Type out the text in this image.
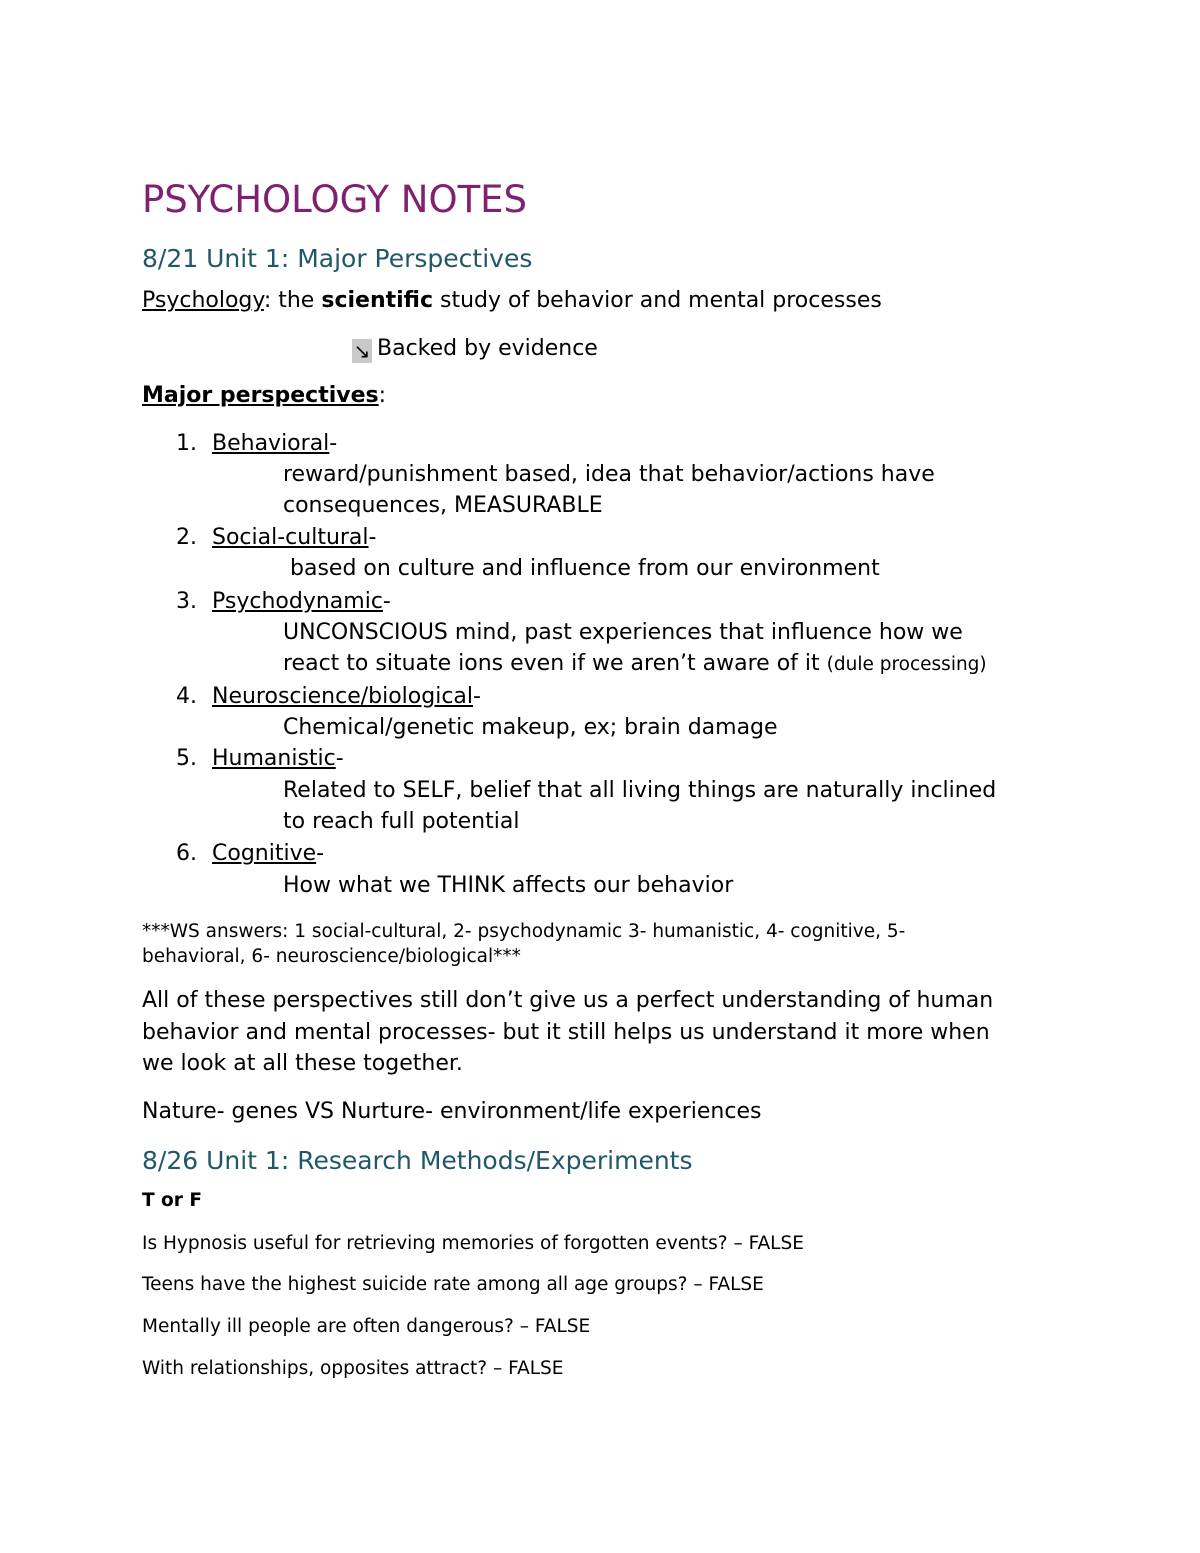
PSYCHOLOGY NOTES
8/21 Unit 1: Major Perspectives

Psychology: the scientific study of behavior and mental processes

↘ Backed by evidence

Major perspectives:

1. Behavioral-

reward/punishment based, idea that behavior/actions have

consequences, MEASURABLE

2. Social-cultural-

based on culture and influence from our environment

3. Psychodynamic-

UNCONSCIOUS mind, past experiences that influence how we

react to situate ions even if we aren’t aware of it (dule processing)

4. Neuroscience/biological-

Chemical/genetic makeup, ex; brain damage

5. Humanistic-

Related to SELF, belief that all living things are naturally inclined

to reach full potential

6. Cognitive-

How what we THINK affects our behavior

***WS answers: 1 social-cultural, 2- psychodynamic 3- humanistic, 4- cognitive, 5-

behavioral, 6- neuroscience/biological***

All of these perspectives still don’t give us a perfect understanding of human

behavior and mental processes- but it still helps us understand it more when

we look at all these together.

Nature- genes VS Nurture- environment/life experiences

8/26 Unit 1: Research Methods/Experiments

T or F

Is Hypnosis useful for retrieving memories of forgotten events? – FALSE

Teens have the highest suicide rate among all age groups? – FALSE

Mentally ill people are often dangerous? – FALSE

With relationships, opposites attract? – FALSE
